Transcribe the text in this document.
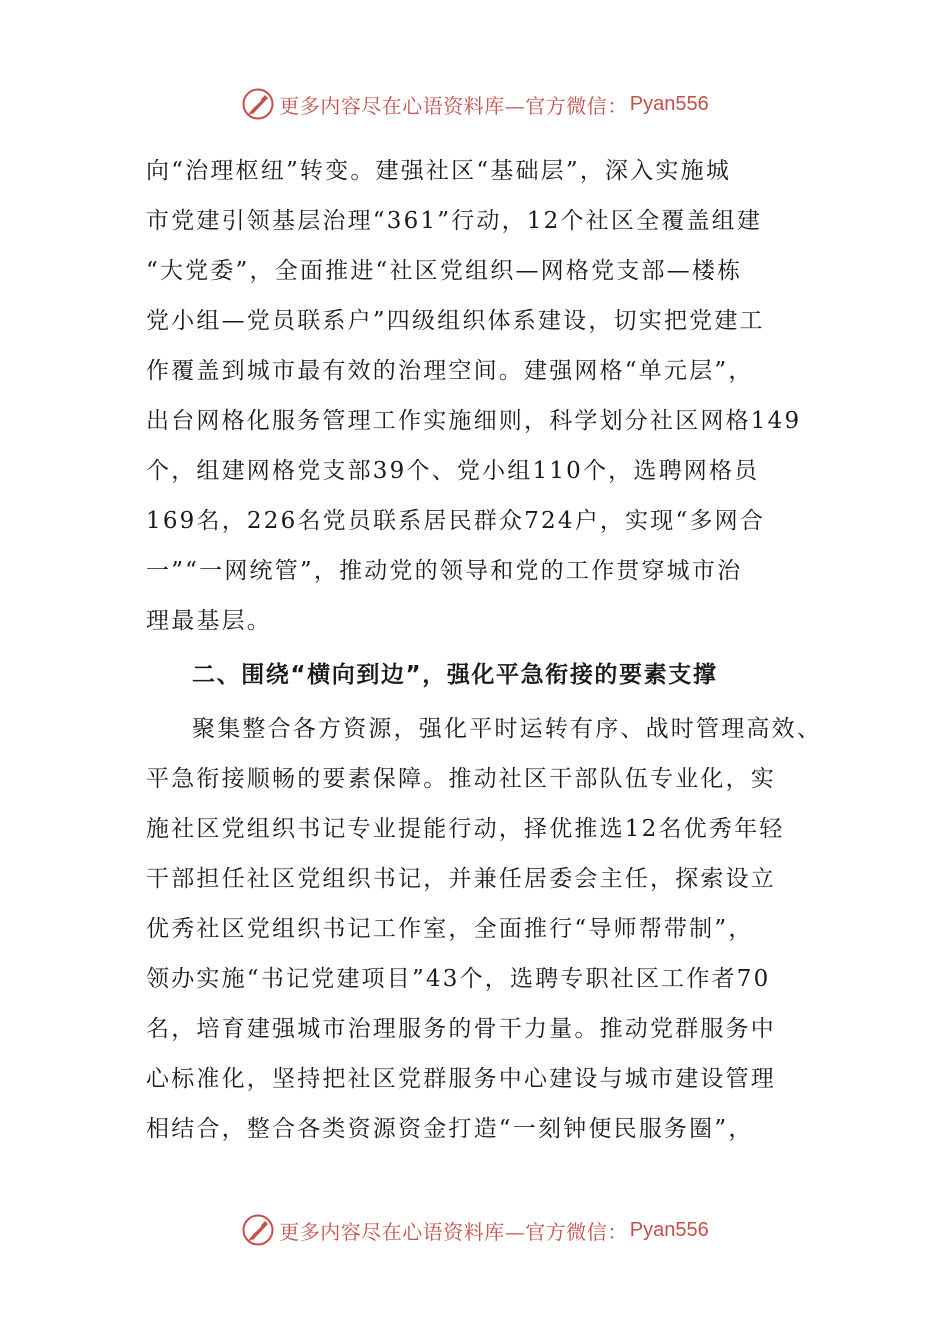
更多内容尽在心语资料库—官方微信： Pyan556
向“治理枢纽”转变。建强社区“基础层”，深入实施城
市党建引领基层治理“361”行动，12个社区全覆盖组建
“大党委”，全面推进“社区党组织—网格党支部—楼栋
党小组—党员联系户”四级组织体系建设，切实把党建工
作覆盖到城市最有效的治理空间。建强网格“单元层”，
出台网格化服务管理工作实施细则，科学划分社区网格149
个，组建网格党支部39个、党小组110个，选聘网格员
169名，226名党员联系居民群众724户，实现“多网合
一”“一网统管”，推动党的领导和党的工作贯穿城市治
理最基层。
二、围绕“横向到边”，强化平急衔接的要素支撑
聚集整合各方资源，强化平时运转有序、战时管理高效、
平急衔接顺畅的要素保障。推动社区干部队伍专业化，实
施社区党组织书记专业提能行动，择优推选12名优秀年轻
干部担任社区党组织书记，并兼任居委会主任，探索设立
优秀社区党组织书记工作室，全面推行“导师帮带制”，
领办实施“书记党建项目”43个，选聘专职社区工作者70
名，培育建强城市治理服务的骨干力量。推动党群服务中
心标准化，坚持把社区党群服务中心建设与城市建设管理
相结合，整合各类资源资金打造“一刻钟便民服务圈”，
更多内容尽在心语资料库—官方微信： Pyan556
